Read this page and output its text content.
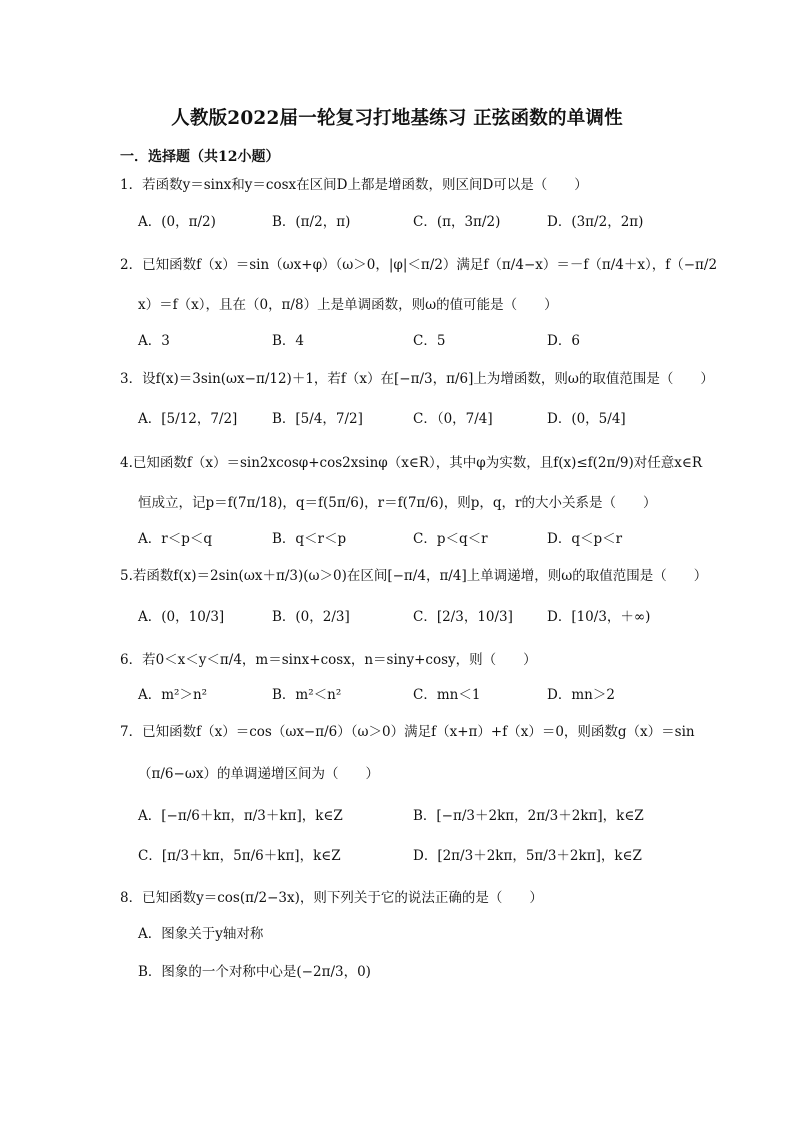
人教版2022届一轮复习打地基练习 正弦函数的单调性
一．选择题（共12小题）
1．若函数y＝sinx和y＝cosx在区间D上都是增函数，则区间D可以是（　　）
A．(0，π/2)	B．(π/2，π)	C．(π，3π/2)	D．(3π/2，2π)
2．已知函数f（x）＝sin（ωx+φ）（ω＞0，|φ|＜π/2）满足f（π/4−x）＝－f（π/4＋x），f（−π/2
x）＝f（x），且在（0，π/8）上是单调函数，则ω的值可能是（　　）
A．3	B．4	C．5	D．6
3．设f(x)＝3sin(ωx−π/12)＋1，若f（x）在[−π/3，π/6]上为增函数，则ω的取值范围是（　　）
A．[5/12，7/2]	B．[5/4，7/2]	C．（0，7/4]	D．(0，5/4]
4.已知函数f（x）＝sin2xcosφ+cos2xsinφ（x∈R），其中φ为实数，且f(x)≤f(2π/9)对任意x∈R
恒成立，记p＝f(7π/18)，q＝f(5π/6)，r＝f(7π/6)，则p，q，r的大小关系是（　　）
A．r＜p＜q	B．q＜r＜p	C．p＜q＜r	D．q＜p＜r
5.若函数f(x)＝2sin(ωx＋π/3)(ω＞0)在区间[−π/4，π/4]上单调递增，则ω的取值范围是（　　）
A．(0，10/3]	B．(0，2/3]	C．[2/3，10/3]	D．[10/3，＋∞)
6．若0＜x＜y＜π/4，m＝sinx+cosx，n＝siny+cosy，则（　　）
A．m²＞n²	B．m²＜n²	C．mn＜1	D．mn＞2
7．已知函数f（x）＝cos（ωx−π/6）（ω＞0）满足f（x+π）+f（x）＝0，则函数g（x）＝sin
（π/6−ωx）的单调递增区间为（　　）
A．[−π/6＋kπ，π/3＋kπ]，k∈Z	B．[−π/3＋2kπ，2π/3＋2kπ]，k∈Z
C．[π/3＋kπ，5π/6＋kπ]，k∈Z	D．[2π/3＋2kπ，5π/3＋2kπ]，k∈Z
8．已知函数y＝cos(π/2−3x)，则下列关于它的说法正确的是（　　）
A．图象关于y轴对称
B．图象的一个对称中心是(−2π/3，0)
